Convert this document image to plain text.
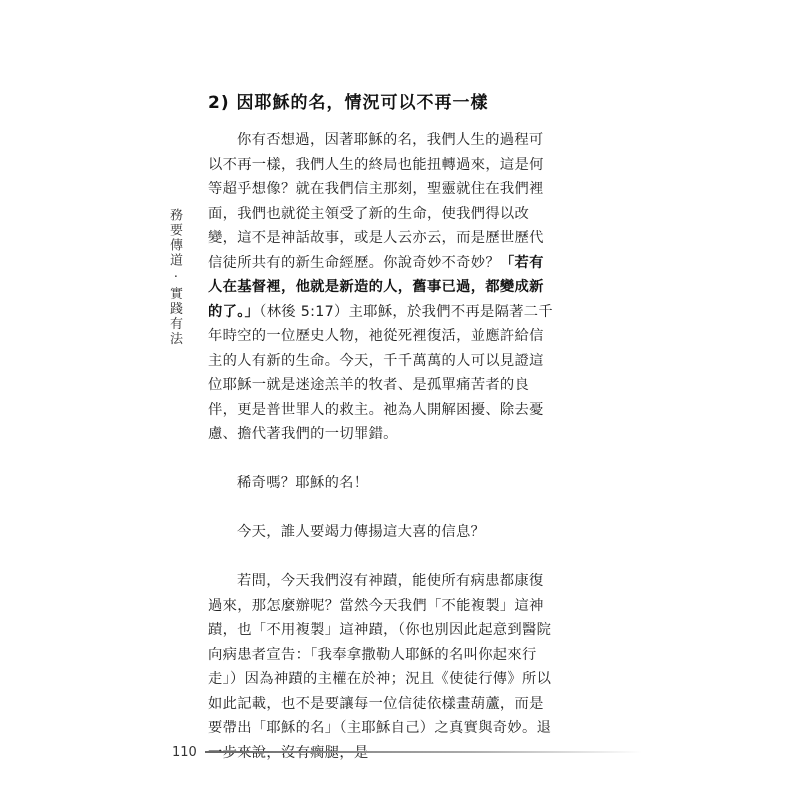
務要傳道 · 實踐有法
2) 因耶穌的名，情況可以不再一樣

你有否想過，因著耶穌的名，我們人生的過程可以不再一樣，我們人生的終局也能扭轉過來，這是何等超乎想像？就在我們信主那刻，聖靈就住在我們裡面，我們也就從主領受了新的生命，使我們得以改變，這不是神話故事，或是人云亦云，而是歷世歷代信徒所共有的新生命經歷。你說奇妙不奇妙？「若有人在基督裡，他就是新造的人，舊事已過，都變成新的了。」（林後 5:17）主耶穌，於我們不再是隔著二千年時空的一位歷史人物，祂從死裡復活，並應許給信主的人有新的生命。今天，千千萬萬的人可以見證這位耶穌一就是迷途羔羊的牧者、是孤單痛苦者的良伴，更是普世罪人的救主。祂為人開解困擾、除去憂慮、擔代著我們的一切罪錯。

稀奇嗎？耶穌的名！

今天，誰人要竭力傳揚這大喜的信息？

若問，今天我們沒有神蹟，能使所有病患都康復過來，那怎麼辦呢？當然今天我們「不能複製」這神蹟，也「不用複製」這神蹟，（你也別因此起意到醫院向病患者宣告：「我奉拿撒勒人耶穌的名叫你起來行走」）因為神蹟的主權在於神；況且《使徒行傳》所以如此記載，也不是要讓每一位信徒依樣畫葫蘆，而是要帶出「耶穌的名」（主耶穌自己）之真實與奇妙。退

110
